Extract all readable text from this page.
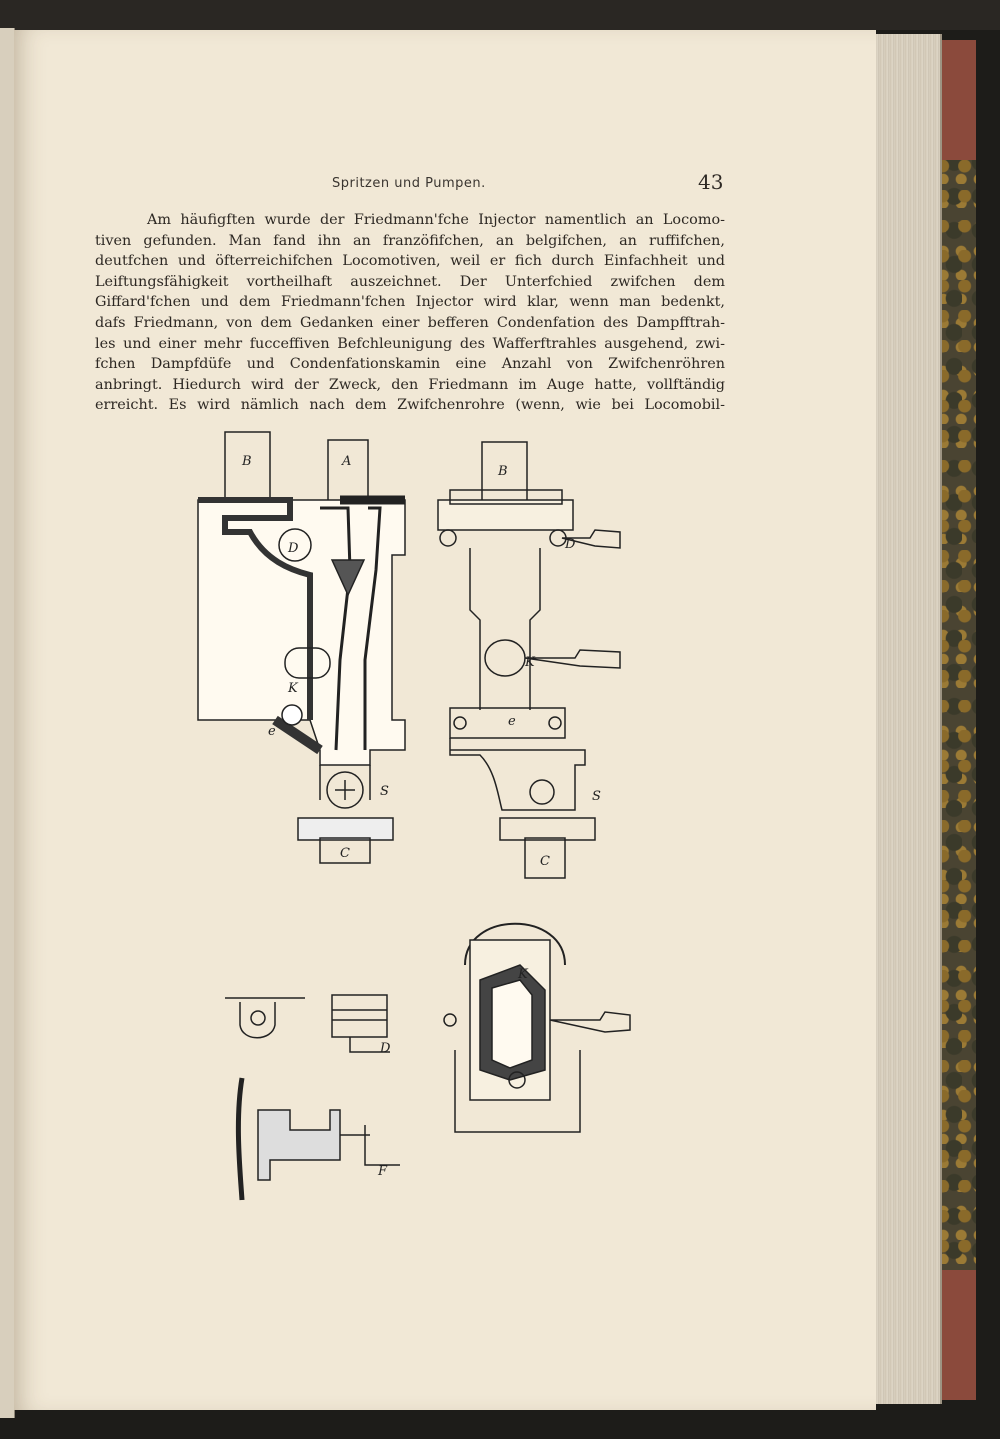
Spritzen und Pumpen.	43
Am häufigften wurde der Friedmann'fche Injector namentlich an Locomo-
tiven gefunden. Man fand ihn an franzöfifchen, an belgifchen, an ruffifchen,
deutfchen und öfterreichifchen Locomotiven, weil er fich durch Einfachheit und
Leiftungsfähigkeit vortheilhaft auszeichnet. Der Unterfchied zwifchen dem
Giffard'fchen und dem Friedmann'fchen Injector wird klar, wenn man bedenkt,
dafs Friedmann, von dem Gedanken einer befferen Condenfation des Dampfftrah-
les und einer mehr fucceffiven Befchleunigung des Wafferftrahles ausgehend, zwi-
fchen Dampfdüfe und Condenfationskamin eine Anzahl von Zwifchenröhren
anbringt. Hiedurch wird der Zweck, den Friedmann im Auge hatte, vollftändig
erreicht. Es wird nämlich nach dem Zwifchenrohre (wenn, wie bei Locomobil-
B	A
D
K
e
S
C
B
D
K
e
S
C
D
K
F
